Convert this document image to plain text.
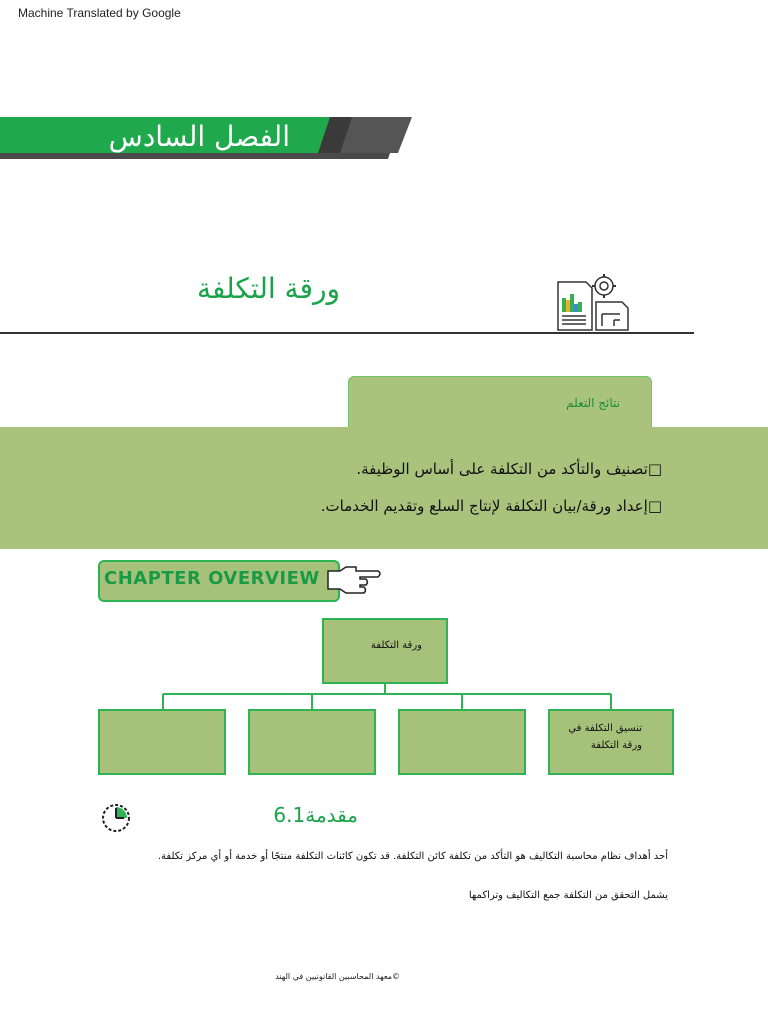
Machine Translated by Google
الفصل السادس
ورقة التكلفة
نتائج التعلم
□تصنيف والتأكد من التكلفة على أساس الوظيفة.
□إعداد ورقة/بيان التكلفة لإنتاج السلع وتقديم الخدمات.
CHAPTER OVERVIEW
ورقة التكلفة
تنسيق التكلفة في ورقة التكلفة
6.1مقدمة
أحد أهداف نظام محاسبة التكاليف هو التأكد من تكلفة كائن التكلفة. قد تكون كائنات التكلفة منتجًا أو خدمة أو أي مركز تكلفة.
يشمل التحقق من التكلفة جمع التكاليف وتراكمها
©معهد المحاسبين القانونيين في الهند
